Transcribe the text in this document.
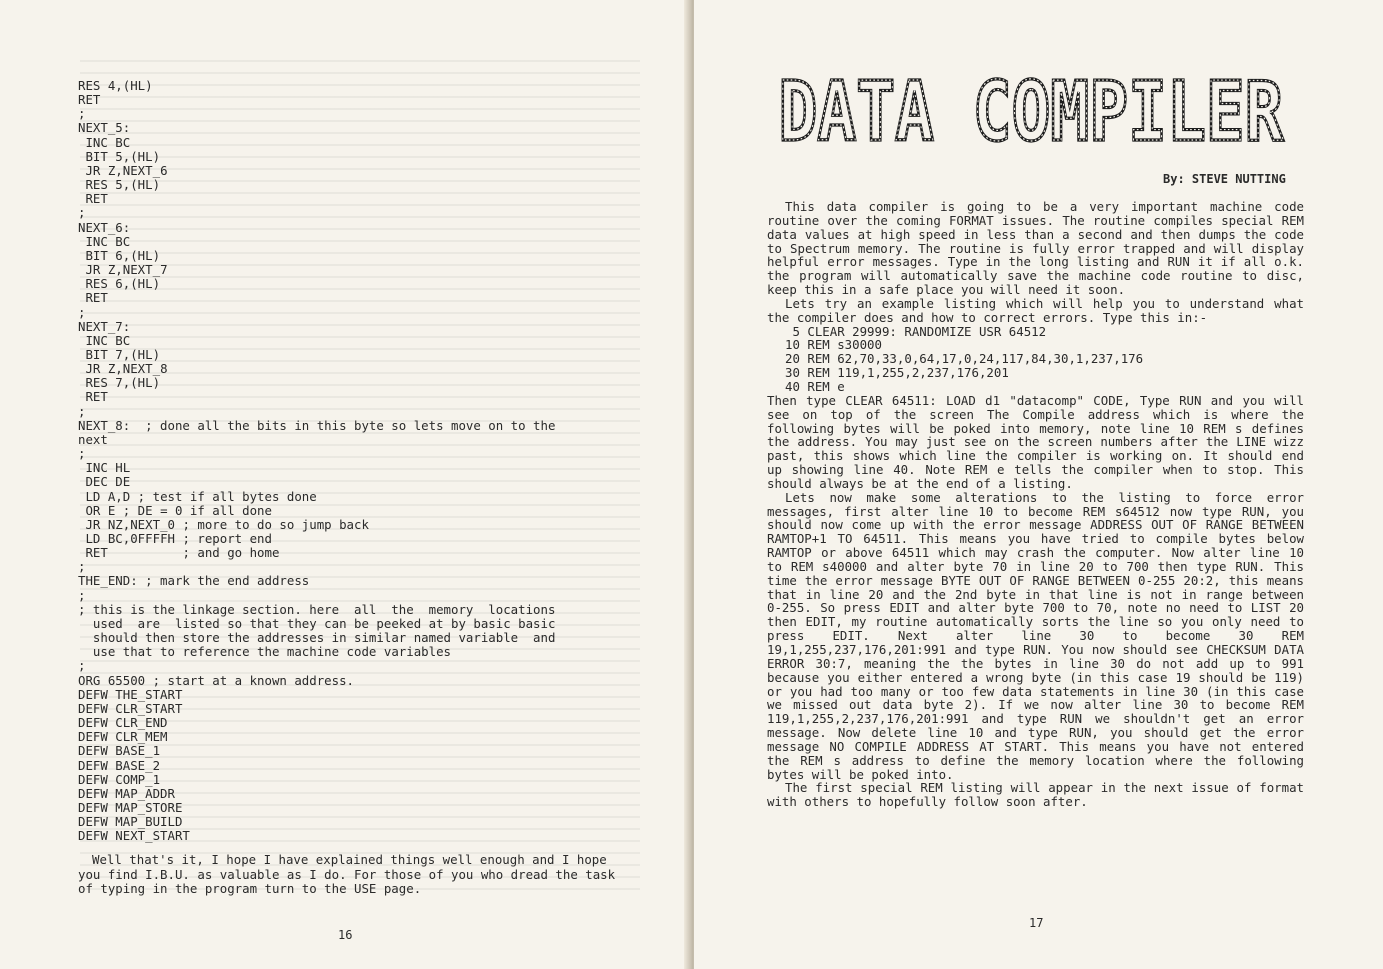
RES 4,(HL)
RET
;
NEXT_5:
INC BC
BIT 5,(HL)
JR Z,NEXT_6
RES 5,(HL)
RET
;
NEXT_6:
INC BC
BIT 6,(HL)
JR Z,NEXT_7
RES 6,(HL)
RET
;
NEXT_7:
INC BC
BIT 7,(HL)
JR Z,NEXT_8
RES 7,(HL)
RET
;
NEXT_8:  ; done all the bits in this byte so lets move on to the
next
;
INC HL
DEC DE
LD A,D ; test if all bytes done
OR E ; DE = 0 if all done
JR NZ,NEXT_0 ; more to do so jump back
LD BC,0FFFFH ; report end
RET          ; and go home
;
THE_END: ; mark the end address
;
; this is the linkage section. here  all  the  memory  locations
used  are  listed so that they can be peeked at by basic basic
should then store the addresses in similar named variable  and
use that to reference the machine code variables
;
ORG 65500 ; start at a known address.
DEFW THE_START
DEFW CLR_START
DEFW CLR_END
DEFW CLR_MEM
DEFW BASE_1
DEFW BASE_2
DEFW COMP_1
DEFW MAP_ADDR
DEFW MAP_STORE
DEFW MAP_BUILD
DEFW NEXT_START

Well that's it, I hope I have explained things well enough and I hope you find I.B.U. as valuable as I do. For those of you who dread the task of typing in the program turn to the USE page.

16
DATA COMPILER
DATA COMPILER
By: STEVE NUTTING

This data compiler is going to be a very important machine code routine over the coming FORMAT issues. The routine compiles special REM data values at high speed in less than a second and then dumps the code to Spectrum memory. The routine is fully error trapped and will display helpful error messages. Type in the long listing and RUN it if all o.k. the program will automatically save the machine code routine to disc, keep this in a safe place you will need it soon.

Lets try an example listing which will help you to understand what the compiler does and how to correct errors. Type this in:-

5 CLEAR 29999: RANDOMIZE USR 64512
10 REM s30000
20 REM 62,70,33,0,64,17,0,24,117,84,30,1,237,176
30 REM 119,1,255,2,237,176,201
40 REM e

Then type CLEAR 64511: LOAD d1 "datacomp" CODE, Type RUN and you will see on top of the screen The Compile address which is where the following bytes will be poked into memory, note line 10 REM s defines the address. You may just see on the screen numbers after the LINE wizz past, this shows which line the compiler is working on. It should end up showing line 40. Note REM e tells the compiler when to stop. This should always be at the end of a listing.

Lets now make some alterations to the listing to force error messages, first alter line 10 to become REM s64512 now type RUN, you should now come up with the error message ADDRESS OUT OF RANGE BETWEEN RAMTOP+1 TO 64511. This means you have tried to compile bytes below RAMTOP or above 64511 which may crash the computer. Now alter line 10 to REM s40000 and alter byte 70 in line 20 to 700 then type RUN. This time the error message BYTE OUT OF RANGE BETWEEN 0-255 20:2, this means that in line 20 and the 2nd byte in that line is not in range between 0-255. So press EDIT and alter byte 700 to 70, note no need to LIST 20 then EDIT, my routine automatically sorts the line so you only need to press EDIT. Next alter line 30 to become 30 REM 19,1,255,237,176,201:991 and type RUN. You now should see CHECKSUM DATA ERROR 30:7, meaning the the bytes in line 30 do not add up to 991 because you either entered a wrong byte (in this case 19 should be 119) or you had too many or too few data statements in line 30 (in this case we missed out data byte 2). If we now alter line 30 to become REM 119,1,255,2,237,176,201:991 and type RUN we shouldn't get an error message. Now delete line 10 and type RUN, you should get the error message NO COMPILE ADDRESS AT START. This means you have not entered the REM s address to define the memory location where the following bytes will be poked into.

The first special REM listing will appear in the next issue of format with others to hopefully follow soon after.

17
